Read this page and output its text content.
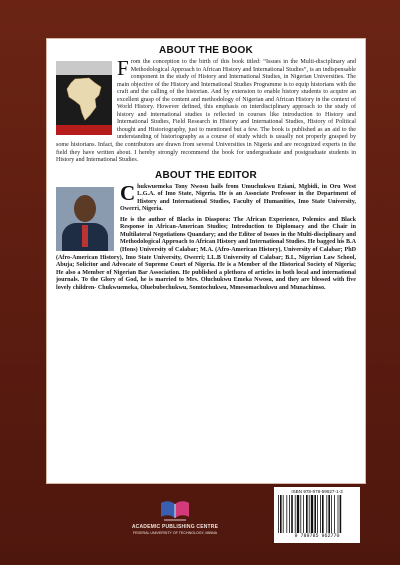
ABOUT THE BOOK

From the conception to the birth of this book titled: “Issues in the Multi-disciplinary and Methodological Approach to African History and International Studies”, is an indispensable component in the study of History and International Studies, in Nigerian Universities. The main objective of the History and International Studies Programme is to equip historians with the craft and the calling of the historian. And by extension to enable history students to acquire an excellent grasp of the content and methodology of Nigerian and African History in the context of World History. However defined, this emphasis on interdisciplinary approach to the study of history and international studies is reflected in courses like introduction to History and International Studies, Field Research in History and International Studies, History of Political thought and Historiography, just to mentioned but a few. The book is published as an aid to the understanding of historiography as a course of study which is usually not properly grasped by some historians. Infact, the contributors are drawn from several Universities in Nigeria and are recognized experts in the field they have written about. I hereby strongly recommend the book for undergraduate and postgraduate students in History and International Studies.

ABOUT THE EDITOR

Chukwuemeka Tony Nwosu hails from Umuchukwu Eziani, Mgbidi, in Oru West L.G.A. of Imo State, Nigeria. He is an Associate Professor in the Department of History and International Studies, Faculty of Humanities, Imo State University, Owerri, Nigeria.

He is the author of Blacks in Diaspora: The African Experience, Polemics and Black Response in African-American Studies; Introduction to Diplomacy and the Chair in Multilateral Negotiations Quandary; and the Editor of Issues in the Multi-disciplinary and Methodological Approach to African History and International Studies. He bagged his B.A (Hons) University of Calabar; M.A. (Afro-American History), University of Calabar; PhD (Afro-American History), Imo State University, Owerri; LL.B University of Calabar; B.L, Nigerian Law School, Abuja; Solicitor and Advocate of Supreme Court of Nigeria. He is a Member of the Historical Society of Nigeria; He also a Member of Nigerian Bar Association. He published a plethora of articles in both local and international journals. To the Glory of God, he is married to Mrs. Oluchukwu Emeka Nwosu, and they are blessed with five lovely children- Chukwuemeka, Oluebubechukwu, Somtochukwu, Mmesomachukwu and Munachimso.

ACADEMIC PUBLISHING CENTRE
FEDERAL UNIVERSITY OF TECHNOLOGY, MINNA
ISBN 978-978-59627-1-3
9 789785 962770
